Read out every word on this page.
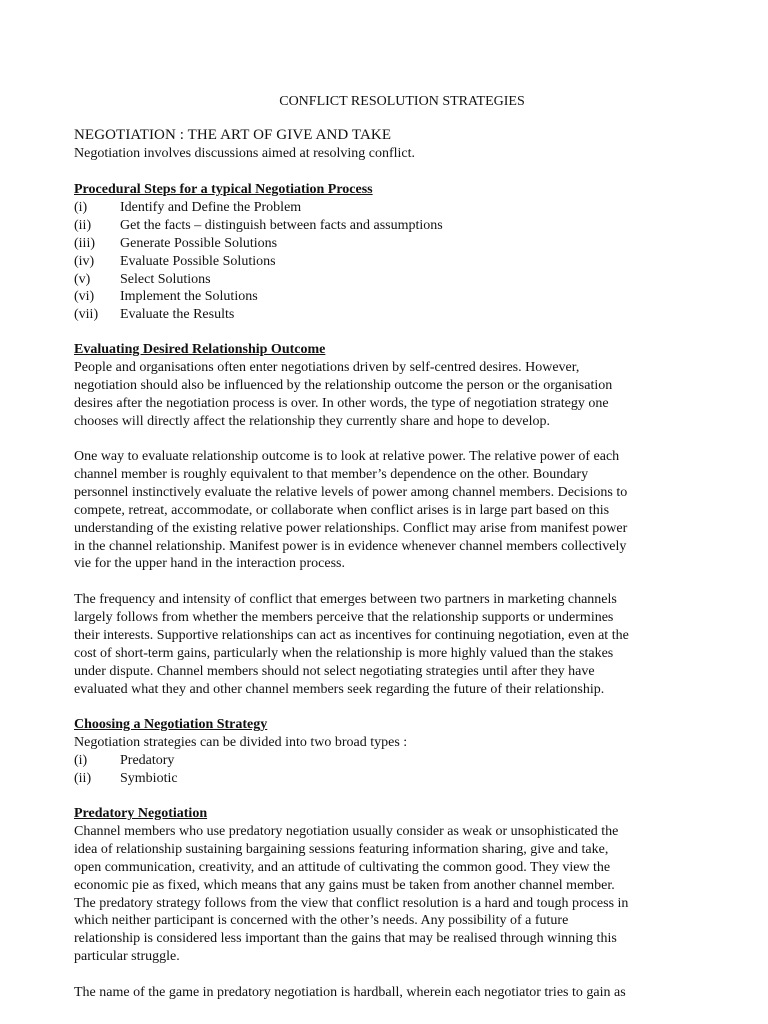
CONFLICT RESOLUTION STRATEGIES
NEGOTIATION : THE ART OF GIVE AND TAKE
Negotiation involves discussions aimed at resolving conflict.
Procedural Steps for a typical Negotiation Process
(i)	Identify and Define the Problem
(ii)	Get the facts – distinguish between facts and assumptions
(iii)	Generate Possible Solutions
(iv)	Evaluate Possible Solutions
(v)	Select Solutions
(vi)	Implement the Solutions
(vii)	Evaluate the Results
Evaluating Desired Relationship Outcome
People and organisations often enter negotiations driven by self-centred desires. However,
negotiation should also be influenced by the relationship outcome the person or the organisation
desires after the negotiation process is over. In other words, the type of negotiation strategy one
chooses will directly affect the relationship they currently share and hope to develop.
One way to evaluate relationship outcome is to look at relative power. The relative power of each
channel member is roughly equivalent to that member’s dependence on the other. Boundary
personnel instinctively evaluate the relative levels of power among channel members. Decisions to
compete, retreat, accommodate, or collaborate when conflict arises is in large part based on this
understanding of the existing relative power relationships. Conflict may arise from manifest power
in the channel relationship. Manifest power is in evidence whenever channel members collectively
vie for the upper hand in the interaction process.
The frequency and intensity of conflict that emerges between two partners in marketing channels
largely follows from whether the members perceive that the relationship supports or undermines
their interests. Supportive relationships can act as incentives for continuing negotiation, even at the
cost of short-term gains, particularly when the relationship is more highly valued than the stakes
under dispute. Channel members should not select negotiating strategies until after they have
evaluated what they and other channel members seek regarding the future of their relationship.
Choosing a Negotiation Strategy
Negotiation strategies can be divided into two broad types :
(i)	Predatory
(ii)	Symbiotic
Predatory Negotiation
Channel members who use predatory negotiation usually consider as weak or unsophisticated the
idea of relationship sustaining bargaining sessions featuring information sharing, give and take,
open communication, creativity, and an attitude of cultivating the common good. They view the
economic pie as fixed, which means that any gains must be taken from another channel member.
The predatory strategy follows from the view that conflict resolution is a hard and tough process in
which neither participant is concerned with the other’s needs. Any possibility of a future
relationship is considered less important than the gains that may be realised through winning this
particular struggle.
The name of the game in predatory negotiation is hardball, wherein each negotiator tries to gain as
